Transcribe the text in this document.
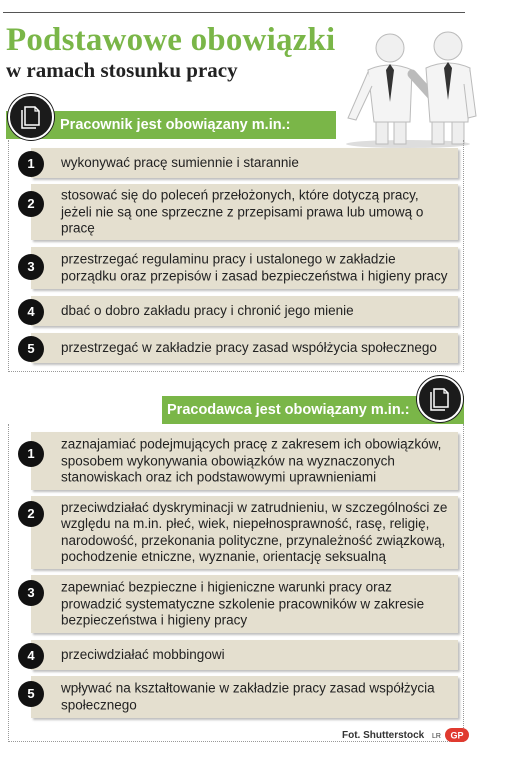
Podstawowe obowiązki
w ramach stosunku pracy
Pracownik jest obowiązany m.in.:
1	wykonywać pracę sumiennie i starannie
2
stosować się do poleceń przełożonych, które dotyczą pracy, jeżeli nie są one sprzeczne z przepisami prawa lub umową o pracę
3	przestrzegać regulaminu pracy i ustalonego w zakładzie porządku oraz przepisów i zasad bezpieczeństwa i higieny pracy
4	dbać o dobro zakładu pracy i chronić jego mienie
5	przestrzegać w zakładzie pracy zasad współżycia społecznego
Pracodawca jest obowiązany m.in.:
1
zaznajamiać podejmujących pracę z zakresem ich obowiązków, sposobem wykonywania obowiązków na wyznaczonych stanowiskach oraz ich podstawowymi uprawnieniami
2	przeciwdziałać dyskryminacji w zatrudnieniu, w szczególności ze względu na m.in. płeć, wiek, niepełnosprawność, rasę, religię, narodowość, przekonania polityczne, przynależność związkową, pochodzenie etniczne, wyznanie, orientację seksualną
3	zapewniać bezpieczne i higieniczne warunki pracy oraz prowadzić systematyczne szkolenie pracowników w zakresie bezpieczeństwa i higieny pracy
4	przeciwdziałać mobbingowi
5	wpływać na kształtowanie w zakładzie pracy zasad współżycia społecznego
Fot. Shutterstock LR GP
